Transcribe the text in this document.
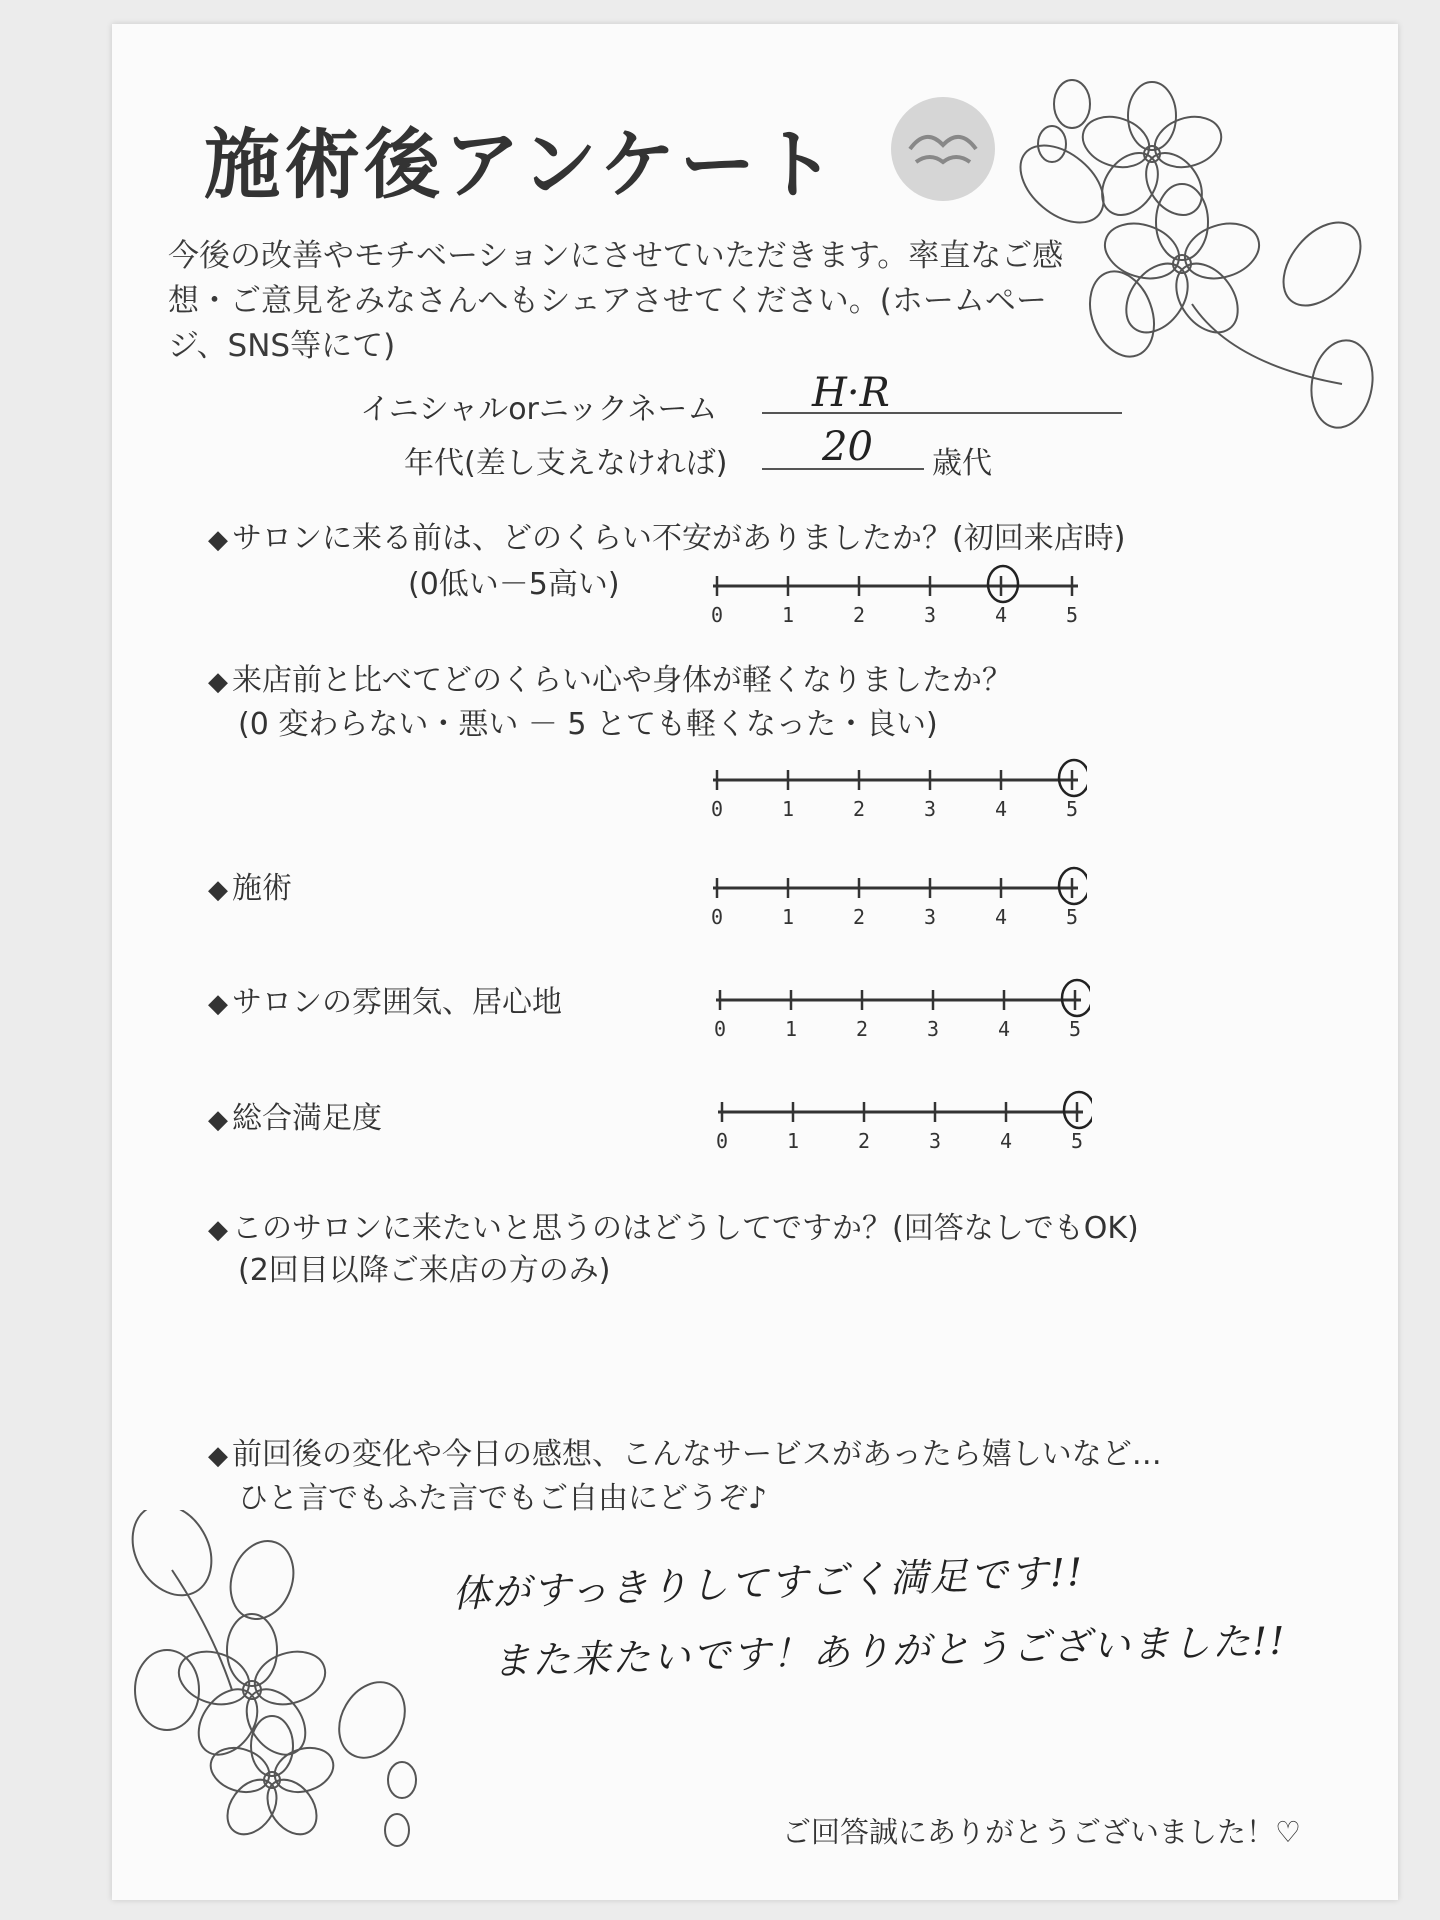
施術後アンケート
今後の改善やモチベーションにさせていただきます。率直なご感想・ご意見をみなさんへもシェアさせてください。(ホームページ、SNS等にて)
イニシャルorニックネーム H·R
年代(差し支えなければ) 20 歳代
◆ サロンに来る前は、どのくらい不安がありましたか？(初回来店時)
(0低い－5高い)
0	1	2	3	4	5
◆ 来店前と比べてどのくらい心や身体が軽くなりましたか？
(0 変わらない・悪い － 5 とても軽くなった・良い)
0	1	2	3	4	5
◆ 施術
0	1	2	3	4	5
◆ サロンの雰囲気、居心地
0	1	2	3	4	5
◆ 総合満足度
0	1	2	3	4	5
◆ このサロンに来たいと思うのはどうしてですか？(回答なしでもOK)
(2回目以降ご来店の方のみ)
◆ 前回後の変化や今日の感想、こんなサービスがあったら嬉しいなど…
ひと言でもふた言でもご自由にどうぞ♪
体がすっきりしてすごく満足です!!
また来たいです！ありがとうございました!!
ご回答誠にありがとうございました！♡
